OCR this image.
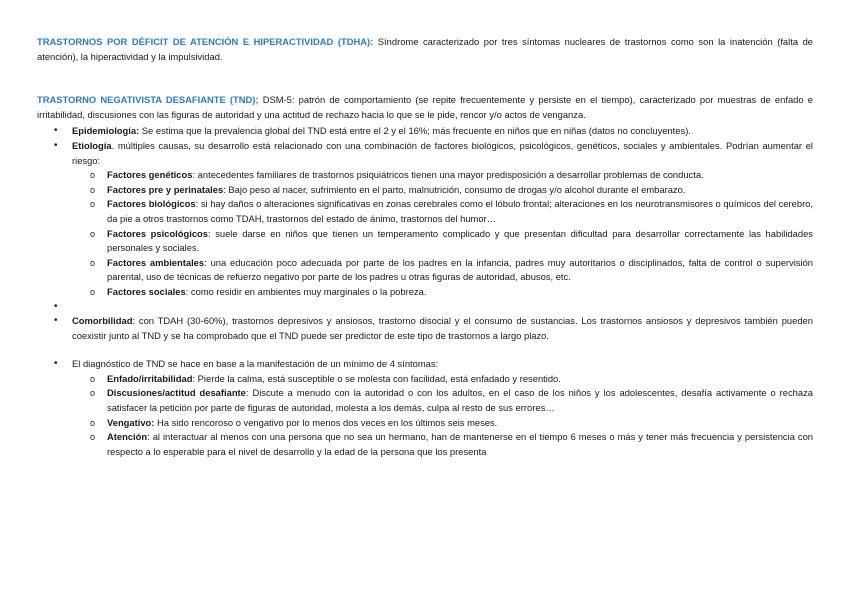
TRASTORNOS POR DÉFICIT DE ATENCIÓN E HIPERACTIVIDAD (TDHA): Síndrome caracterizado por tres síntomas nucleares de trastornos como son la inatención (falta de atención), la hiperactividad y la impulsividad.

TRASTORNO NEGATIVISTA DESAFIANTE (TND); DSM-5: patrón de comportamiento (se repite frecuentemente y persiste en el tiempo), caracterizado por muestras de enfado e irritabilidad, discusiones con las figuras de autoridad y una actitud de rechazo hacia lo que se le pide, rencor y/o actos de venganza.

• Epidemiología: Se estima que la prevalencia global del TND está entre el 2 y el 16%; más frecuente en niños que en niñas (datos no concluyentes).
• Etiología. múltiples causas, su desarrollo está relacionado con una combinación de factores biológicos, psicológicos, genéticos, sociales y ambientales. Podrían aumentar el riesgo:
o Factores genéticos: antecedentes familiares de trastornos psiquiátricos tienen una mayor predisposición a desarrollar problemas de conducta.
o Factores pre y perinatales: Bajo peso al nacer, sufrimiento en el parto, malnutrición, consumo de drogas y/o alcohol durante el embarazo.
o Factores biológicos: si hay daños o alteraciones significativas en zonas cerebrales como el lóbulo frontal; alteraciones en los neurotransmisores o químicos del cerebro, da pie a otros trastornos como TDAH, trastornos del estado de ánimo, trastornos del humor…
o Factores psicológicos: suele darse en niños que tienen un temperamento complicado y que presentan dificultad para desarrollar correctamente las habilidades personales y sociales.
o Factores ambientales: una educación poco adecuada por parte de los padres en la infancia, padres muy autoritarios o disciplinados, falta de control o supervisión parental, uso de técnicas de refuerzo negativo por parte de los padres u otras figuras de autoridad, abusos, etc.
o Factores sociales: como residir en ambientes muy marginales o la pobreza.
•
• Comorbilidad: con TDAH (30-60%), trastornos depresivos y ansiosos, trastorno disocial y el consumo de sustancias. Los trastornos ansiosos y depresivos también pueden coexistir junto al TND y se ha comprobado que el TND puede ser predictor de este tipo de trastornos a largo plazo.
• El diagnóstico de TND se hace en base a la manifestación de un mínimo de 4 síntomas:
o Enfado/irritabilidad: Pierde la calma, está susceptible o se molesta con facilidad, está enfadado y resentido.
o Discusiones/actitud desafiante: Discute a menudo con la autoridad o con los adultos, en el caso de los niños y los adolescentes, desafía activamente o rechaza satisfacer la petición por parte de figuras de autoridad, molesta a los demás, culpa al resto de sus errores…
o Vengativo: Ha sido rencoroso o vengativo por lo menos dos veces en los últimos seis meses.
o Atención: al interactuar al menos con una persona que no sea un hermano, han de mantenerse en el tiempo 6 meses o más y tener más frecuencia y persistencia con respecto a lo esperable para el nivel de desarrollo y la edad de la persona que los presenta
